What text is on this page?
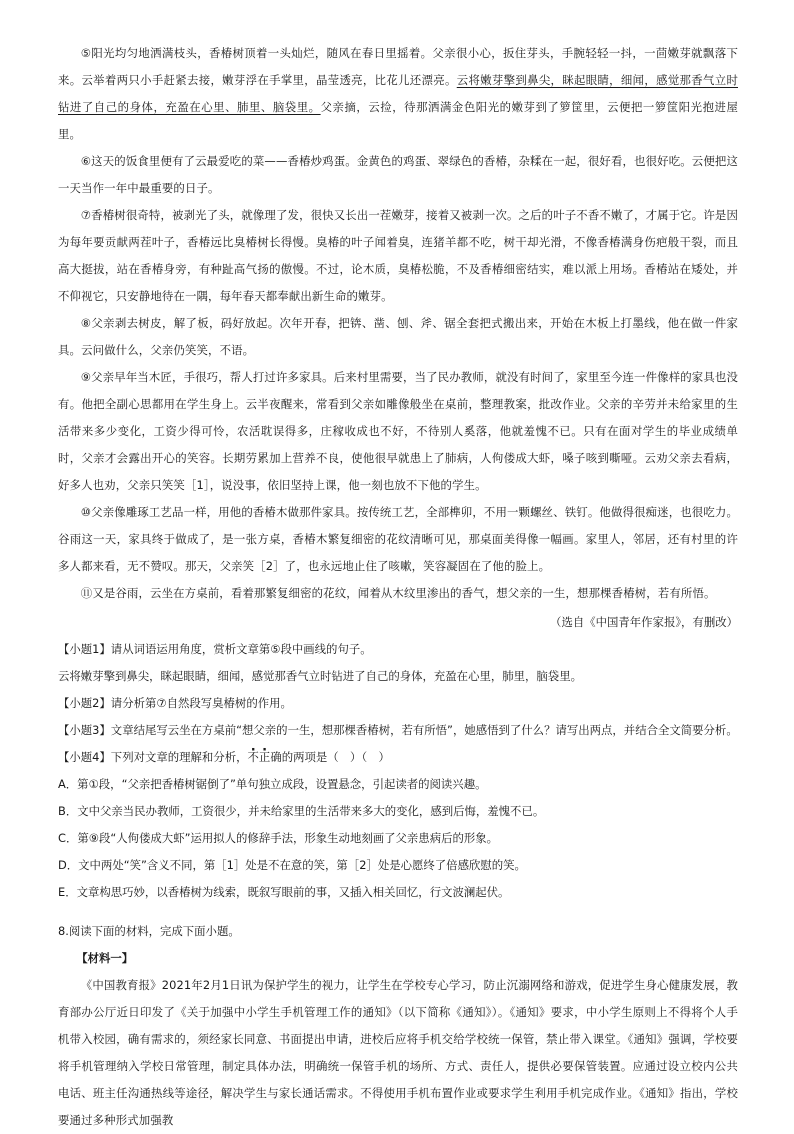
⑤阳光均匀地洒满枝头，香椿树顶着一头灿烂，随风在春日里摇着。父亲很小心，扳住芽头，手腕轻轻一抖，一茴嫩芽就飘落下来。云举着两只小手赶紧去接，嫩芽浮在手掌里，晶莹透亮，比花儿还漂亮。云将嫩芽擎到鼻尖，眯起眼睛，细闻，感觉那香气立时钻进了自己的身体，充盈在心里、肺里、脑袋里。父亲摘，云捡，待那洒满金色阳光的嫩芽到了箩筐里，云便把一箩筐阳光抱进屋里。

⑥这天的饭食里便有了云最爱吃的菜——香椿炒鸡蛋。金黄色的鸡蛋、翠绿色的香椿，杂糅在一起，很好看，也很好吃。云便把这一天当作一年中最重要的日子。

⑦香椿树很奇特，被剥光了头，就像理了发，很快又长出一茬嫩芽，接着又被剥一次。之后的叶子不香不嫩了，才属于它。许是因为每年要贡献两茬叶子，香椿远比臭椿树长得慢。臭椿的叶子闻着臭，连猪羊都不吃，树干却光滑，不像香椿满身伤疤般干裂，而且高大挺拔，站在香椿身旁，有种趾高气扬的傲慢。不过，论木质，臭椿松脆，不及香椿细密结实，难以派上用场。香椿站在矮处，并不仰视它，只安静地待在一隅，每年春天都奉献出新生命的嫩芽。

⑧父亲剥去树皮，解了板，码好放起。次年开春，把锛、凿、刨、斧、锯全套把式搬出来，开始在木板上打墨线，他在做一件家具。云问做什么，父亲仍笑笑，不语。

⑨父亲早年当木匠，手很巧，帮人打过许多家具。后来村里需要，当了民办教师，就没有时间了，家里至今连一件像样的家具也没有。他把全副心思都用在学生身上。云半夜醒来，常看到父亲如雕像般坐在桌前，整理教案，批改作业。父亲的辛劳并未给家里的生活带来多少变化，工资少得可怜，农活耽误得多，庄稼收成也不好，不待别人奚落，他就羞愧不已。只有在面对学生的毕业成绩单时，父亲才会露出开心的笑容。长期劳累加上营养不良，使他很早就患上了肺病，人佝偻成大虾，嗓子咳到嘶哑。云劝父亲去看病，好多人也劝，父亲只笑笑［1］，说没事，依旧坚持上课，他一刻也放不下他的学生。

⑩父亲像雕琢工艺品一样，用他的香椿木做那件家具。按传统工艺，全部榫卯，不用一颗螺丝、铁钉。他做得很痴迷，也很吃力。谷雨这一天，家具终于做成了，是一张方桌，香椿木繁复细密的花纹清晰可见，那桌面美得像一幅画。家里人，邻居，还有村里的许多人都来看，无不赞叹。那天，父亲笑［2］了，也永远地止住了咳嗽，笑容凝固在了他的脸上。

⑪又是谷雨，云坐在方桌前，看着那繁复细密的花纹，闻着从木纹里渗出的香气，想父亲的一生，想那棵香椿树，若有所悟。

（选自《中国青年作家报》，有删改）

【小题1】请从词语运用角度，赏析文章第⑤段中画线的句子。

云将嫩芽擎到鼻尖，眯起眼睛，细闻，感觉那香气立时钻进了自己的身体，充盈在心里，肺里，脑袋里。

【小题2】请分析第⑦自然段写臭椿树的作用。

【小题3】文章结尾写云坐在方桌前“想父亲的一生，想那棵香椿树，若有所悟”，她感悟到了什么？请写出两点，并结合全文简要分析。

【小题4】下列对文章的理解和分析，不正确的两项是（　）（　）

A．第①段，“父亲把香椿树锯倒了”单句独立成段，设置悬念，引起读者的阅读兴趣。

B．文中父亲当民办教师，工资很少，并未给家里的生活带来多大的变化，感到后悔，羞愧不已。

C．第⑨段“人佝偻成大虾”运用拟人的修辞手法，形象生动地刻画了父亲患病后的形象。

D．文中两处“笑”含义不同，第［1］处是不在意的笑，第［2］处是心愿终了倍感欣慰的笑。

E．文章构思巧妙，以香椿树为线索，既叙写眼前的事，又插入相关回忆，行文波澜起伏。

8.阅读下面的材料，完成下面小题。

【材料一】

《中国教育报》2021年2月1日讯为保护学生的视力，让学生在学校专心学习，防止沉溺网络和游戏，促进学生身心健康发展，教育部办公厅近日印发了《关于加强中小学生手机管理工作的通知》（以下简称《通知》）。《通知》要求，中小学生原则上不得将个人手机带入校园，确有需求的，须经家长同意、书面提出申请，进校后应将手机交给学校统一保管，禁止带入课堂。《通知》强调，学校要将手机管理纳入学校日常管理，制定具体办法，明确统一保管手机的场所、方式、责任人，提供必要保管装置。应通过设立校内公共电话、班主任沟通热线等途径，解决学生与家长通话需求。不得使用手机布置作业或要求学生利用手机完成作业。《通知》指出，学校要通过多种形式加强教
